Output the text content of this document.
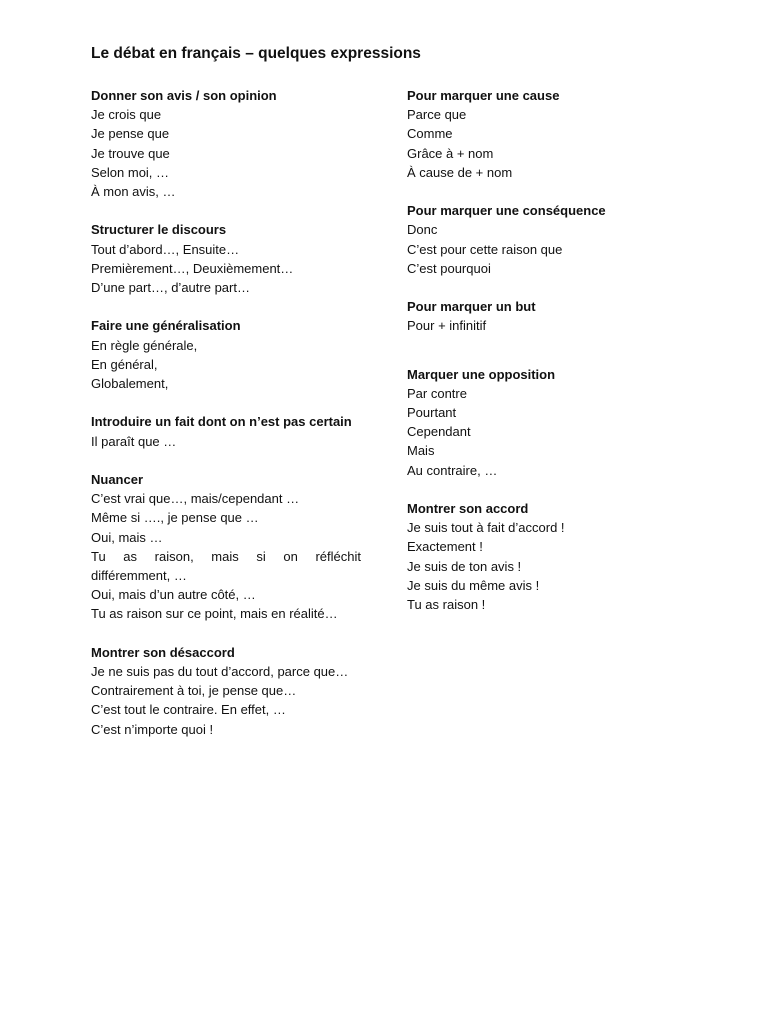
Le débat en français – quelques expressions
Donner son avis / son opinion
Je crois que
Je pense que
Je trouve que
Selon moi, …
À mon avis, …
Structurer le discours
Tout d’abord…, Ensuite…
Premièrement…, Deuxièmement…
D’une part…, d’autre part…
Faire une généralisation
En règle générale,
En général,
Globalement,
Introduire un fait dont on n’est pas certain
Il paraît que …
Nuancer
C’est vrai que…, mais/cependant …
Même si …., je pense que …
Oui, mais …
Tu as raison, mais si on réfléchit
différemment, …
Oui, mais d’un autre côté, …
Tu as raison sur ce point, mais en réalité…
Montrer son désaccord
Je ne suis pas du tout d’accord, parce que…
Contrairement à toi, je pense que…
C’est tout le contraire. En effet, …
C’est n’importe quoi !
Pour marquer une cause
Parce que
Comme
Grâce à + nom
À cause de + nom
Pour marquer une conséquence
Donc
C’est pour cette raison que
C’est pourquoi
Pour marquer un but
Pour + infinitif
Marquer une opposition
Par contre
Pourtant
Cependant
Mais
Au contraire, …
Montrer son accord
Je suis tout à fait d’accord !
Exactement !
Je suis de ton avis !
Je suis du même avis !
Tu as raison !
